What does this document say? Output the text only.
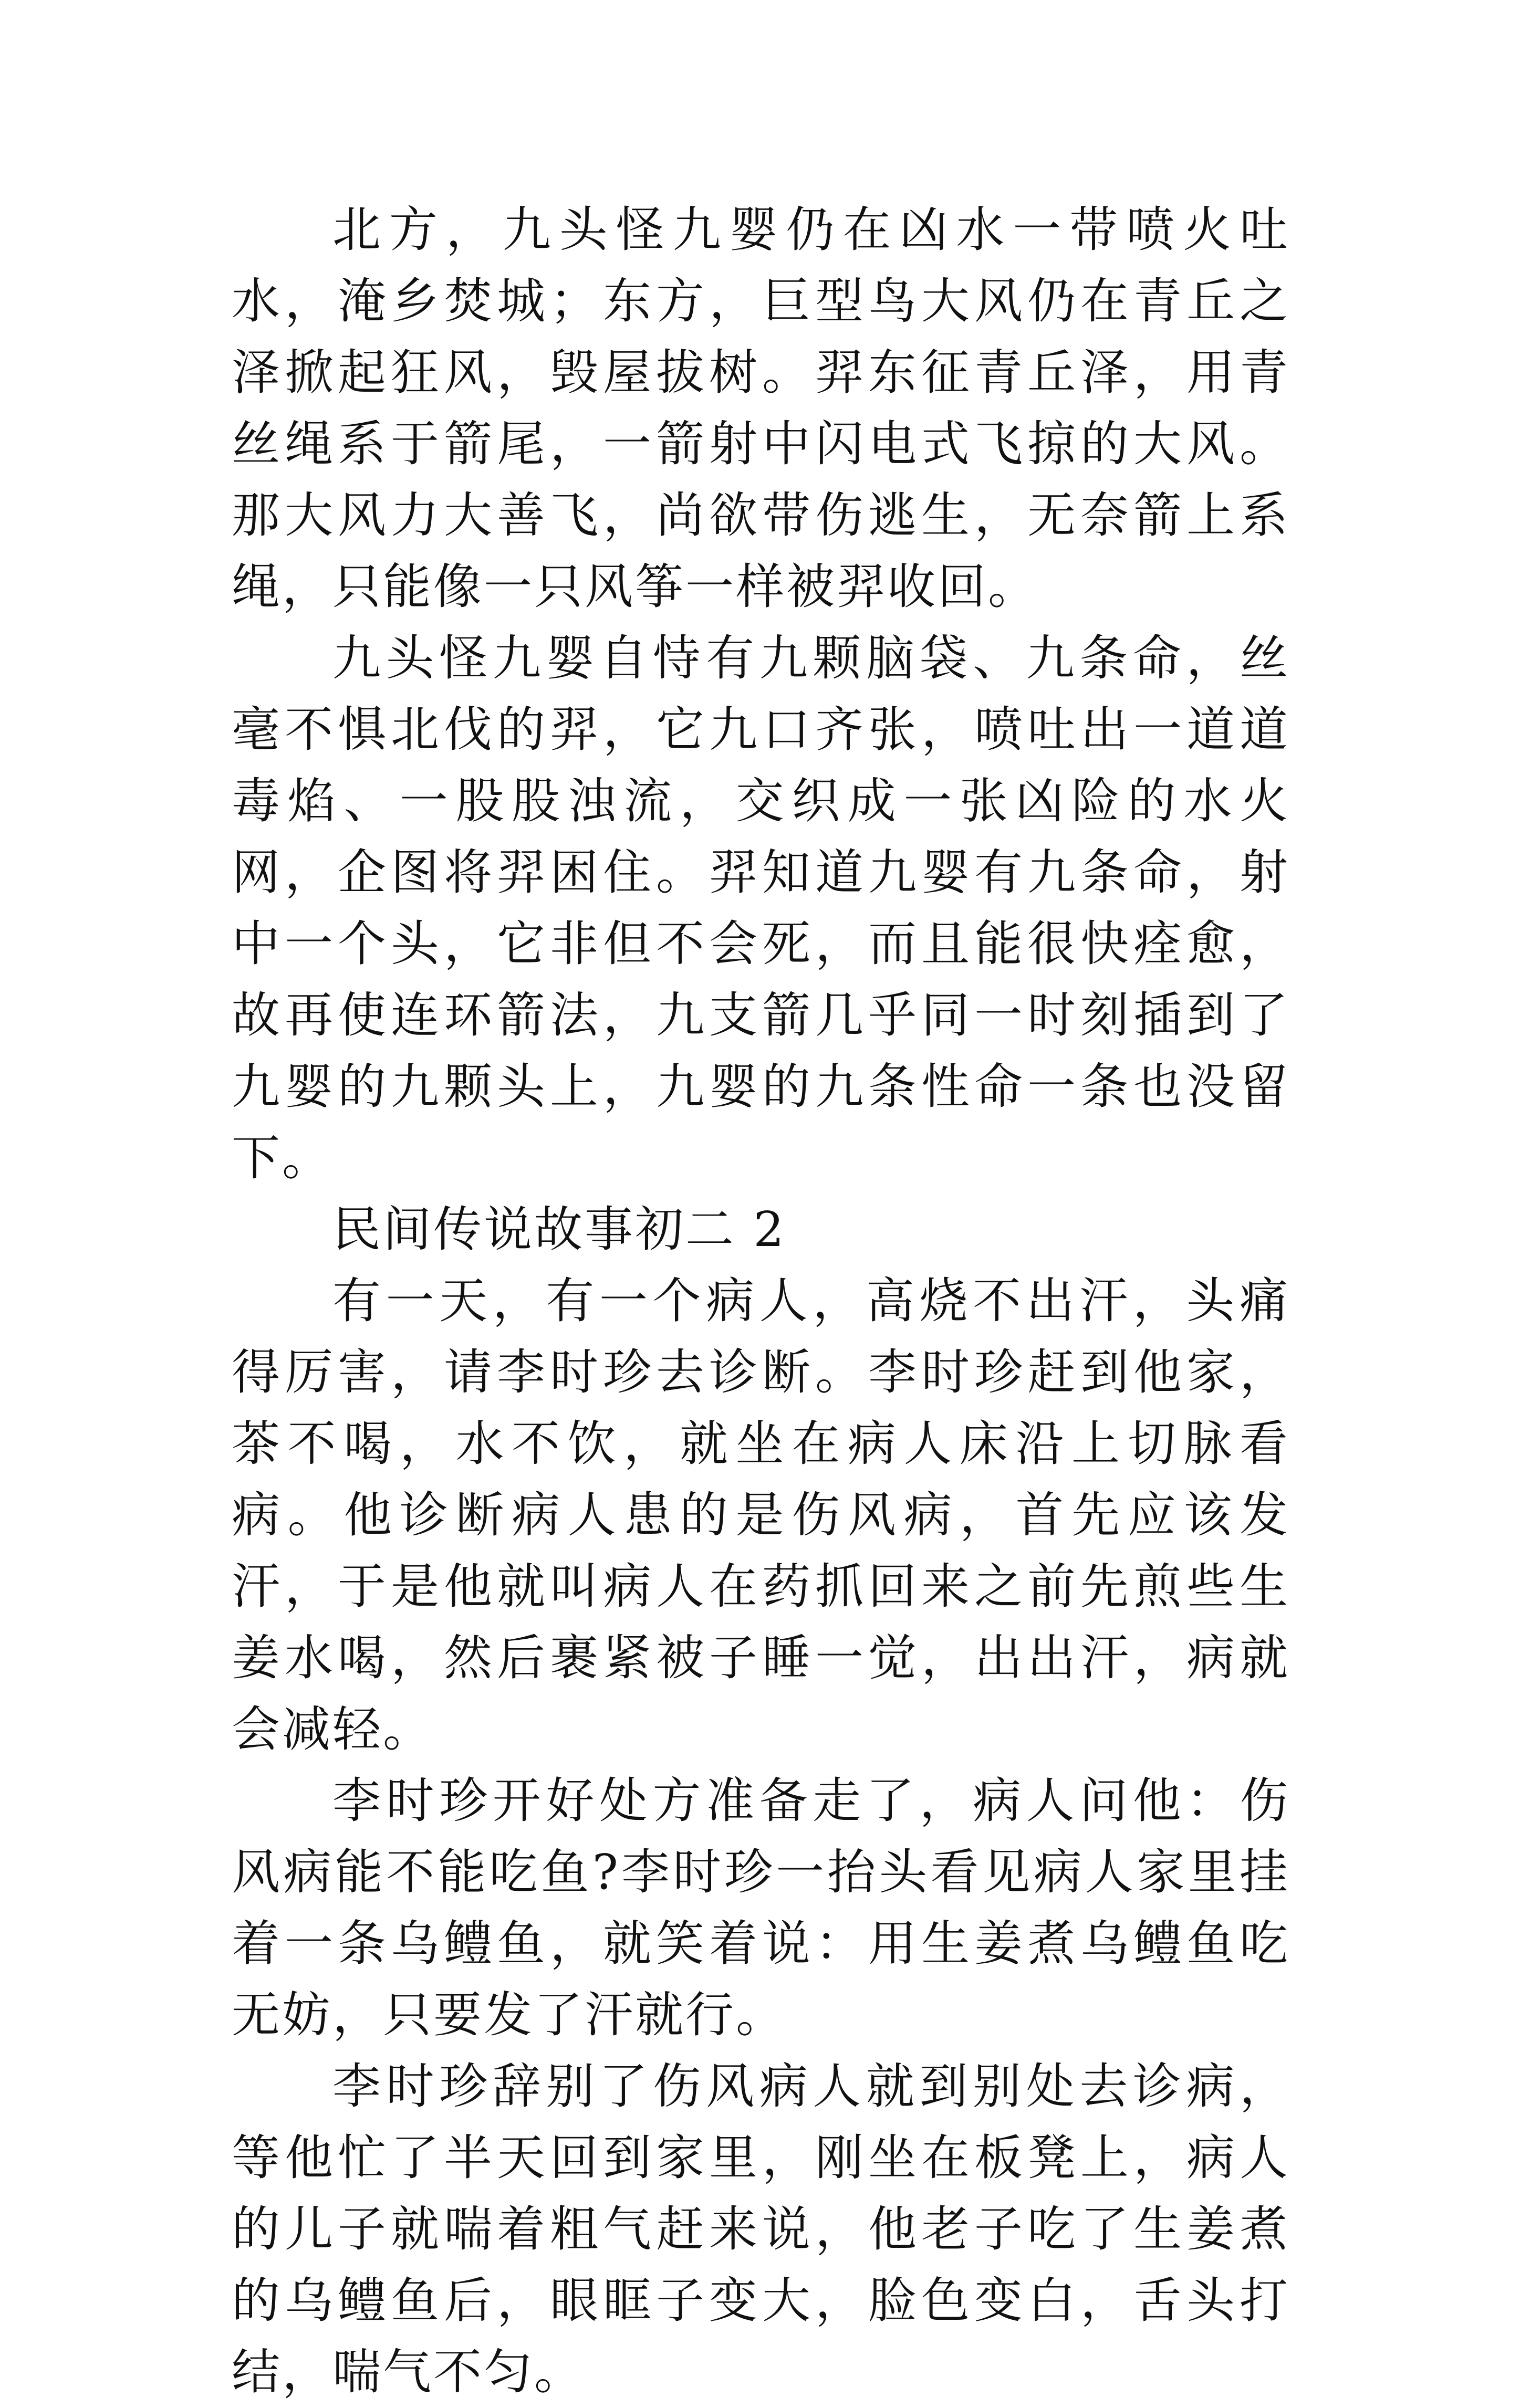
北方，九头怪九婴仍在凶水一带喷火吐水，淹乡焚城；东方，巨型鸟大风仍在青丘之泽掀起狂风，毁屋拔树。羿东征青丘泽，用青丝绳系于箭尾，一箭射中闪电式飞掠的大风。那大风力大善飞，尚欲带伤逃生，无奈箭上系绳，只能像一只风筝一样被羿收回。

九头怪九婴自恃有九颗脑袋、九条命，丝毫不惧北伐的羿，它九口齐张，喷吐出一道道毒焰、一股股浊流，交织成一张凶险的水火网，企图将羿困住。羿知道九婴有九条命，射中一个头，它非但不会死，而且能很快痊愈，故再使连环箭法，九支箭几乎同一时刻插到了九婴的九颗头上，九婴的九条性命一条也没留下。

民间传说故事初二 2

有一天，有一个病人，高烧不出汗，头痛得厉害，请李时珍去诊断。李时珍赶到他家，茶不喝，水不饮，就坐在病人床沿上切脉看病。他诊断病人患的是伤风病，首先应该发汗，于是他就叫病人在药抓回来之前先煎些生姜水喝，然后裹紧被子睡一觉，出出汗，病就会减轻。

李时珍开好处方准备走了，病人问他：伤风病能不能吃鱼?李时珍一抬头看见病人家里挂着一条乌鳢鱼，就笑着说：用生姜煮乌鳢鱼吃无妨，只要发了汗就行。

李时珍辞别了伤风病人就到别处去诊病，等他忙了半天回到家里，刚坐在板凳上，病人的儿子就喘着粗气赶来说，他老子吃了生姜煮的乌鳢鱼后，眼眶子变大，脸色变白，舌头打结，喘气不匀。
